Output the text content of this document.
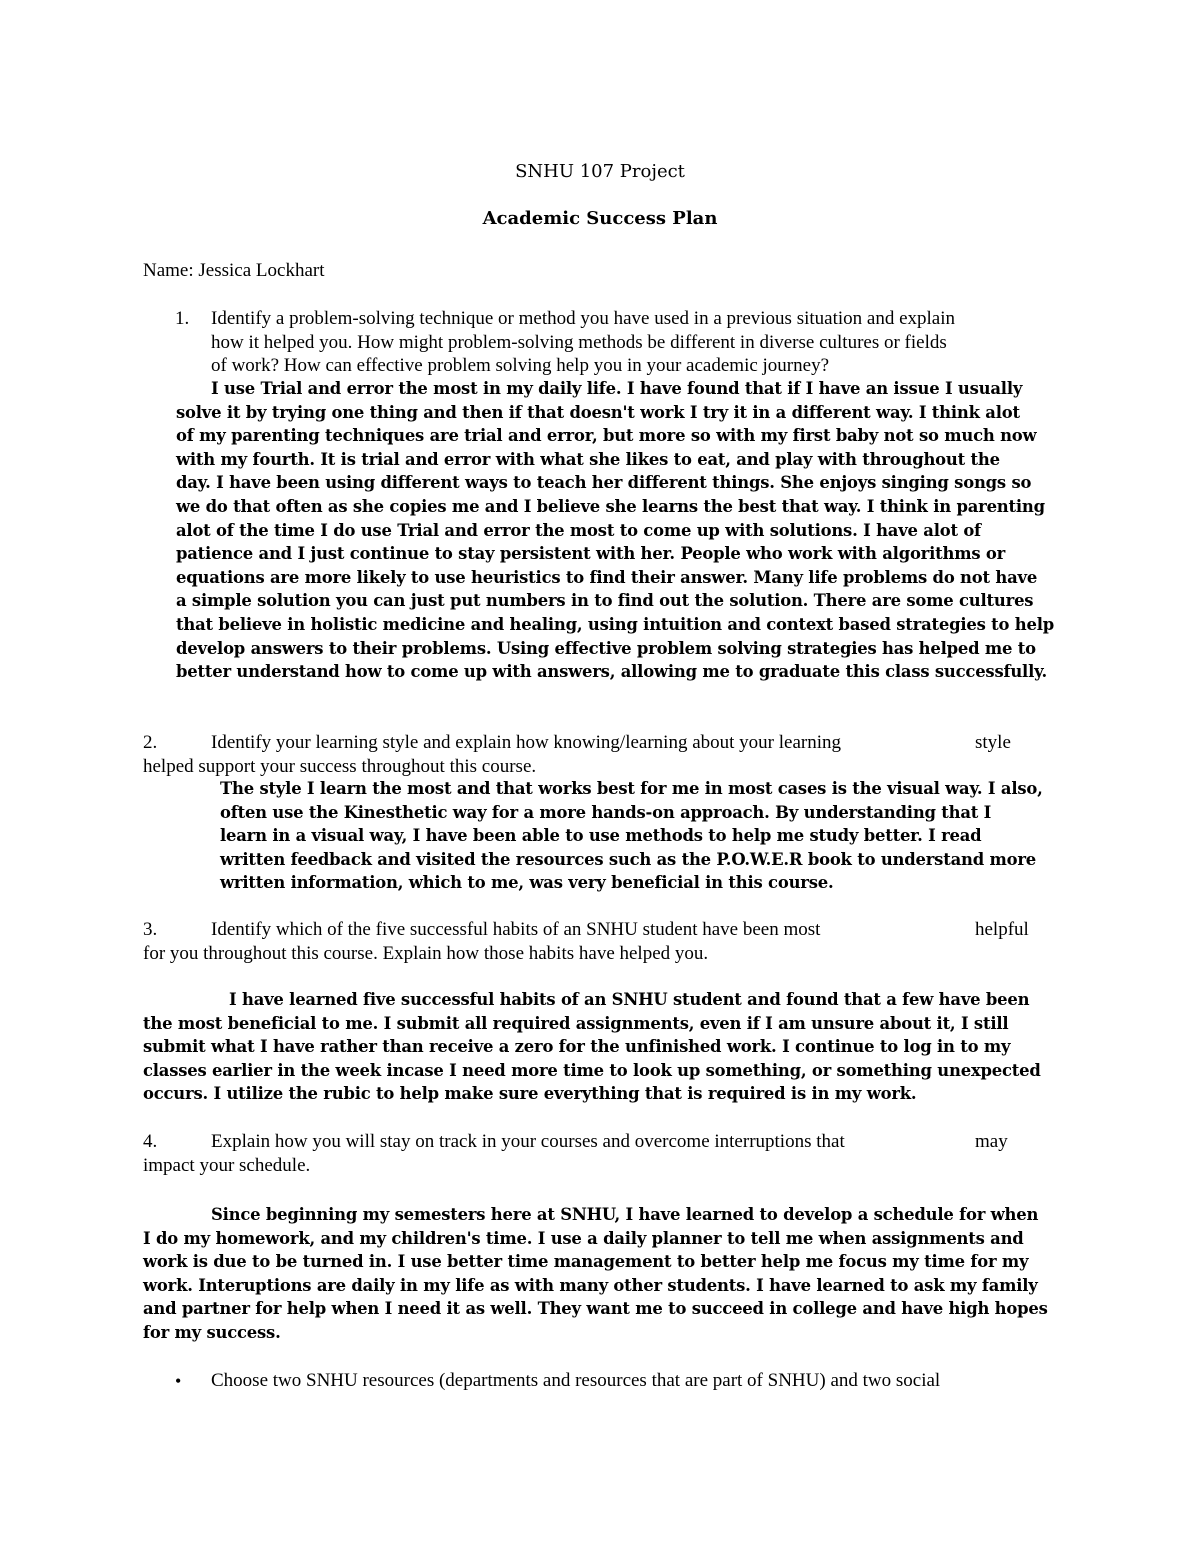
SNHU 107 Project
Academic Success Plan
Name: Jessica Lockhart
1. Identify a problem-solving technique or method you have used in a previous situation and explain
how it helped you. How might problem-solving methods be different in diverse cultures or fields
of work? How can effective problem solving help you in your academic journey?
I use Trial and error the most in my daily life. I have found that if I have an issue I usually
solve it by trying one thing and then if that doesn't work I try it in a different way. I think alot
of my parenting techniques are trial and error, but more so with my first baby not so much now
with my fourth. It is trial and error with what she likes to eat, and play with throughout the
day. I have been using different ways to teach her different things. She enjoys singing songs so
we do that often as she copies me and I believe she learns the best that way. I think in parenting
alot of the time I do use Trial and error the most to come up with solutions. I have alot of
patience and I just continue to stay persistent with her. People who work with algorithms or
equations are more likely to use heuristics to find their answer. Many life problems do not have
a simple solution you can just put numbers in to find out the solution. There are some cultures
that believe in holistic medicine and healing, using intuition and context based strategies to help
develop answers to their problems. Using effective problem solving strategies has helped me to
better understand how to come up with answers, allowing me to graduate this class successfully.
2.	Identify your learning style and explain how knowing/learning about your learning	style
helped support your success throughout this course.
The style I learn the most and that works best for me in most cases is the visual way. I also,
often use the Kinesthetic way for a more hands-on approach. By understanding that I
learn in a visual way, I have been able to use methods to help me study better. I read
written feedback and visited the resources such as the P.O.W.E.R book to understand more
written information, which to me, was very beneficial in this course.
3.	Identify which of the five successful habits of an SNHU student have been most	helpful
for you throughout this course. Explain how those habits have helped you.
I have learned five successful habits of an SNHU student and found that a few have been
the most beneficial to me. I submit all required assignments, even if I am unsure about it, I still
submit what I have rather than receive a zero for the unfinished work. I continue to log in to my
classes earlier in the week incase I need more time to look up something, or something unexpected
occurs. I utilize the rubic to help make sure everything that is required is in my work.
4.	Explain how you will stay on track in your courses and overcome interruptions that	may
impact your schedule.
Since beginning my semesters here at SNHU, I have learned to develop a schedule for when
I do my homework, and my children's time. I use a daily planner to tell me when assignments and
work is due to be turned in. I use better time management to better help me focus my time for my
work. Interuptions are daily in my life as with many other students. I have learned to ask my family
and partner for help when I need it as well. They want me to succeed in college and have high hopes
for my success.
• Choose two SNHU resources (departments and resources that are part of SNHU) and two social
